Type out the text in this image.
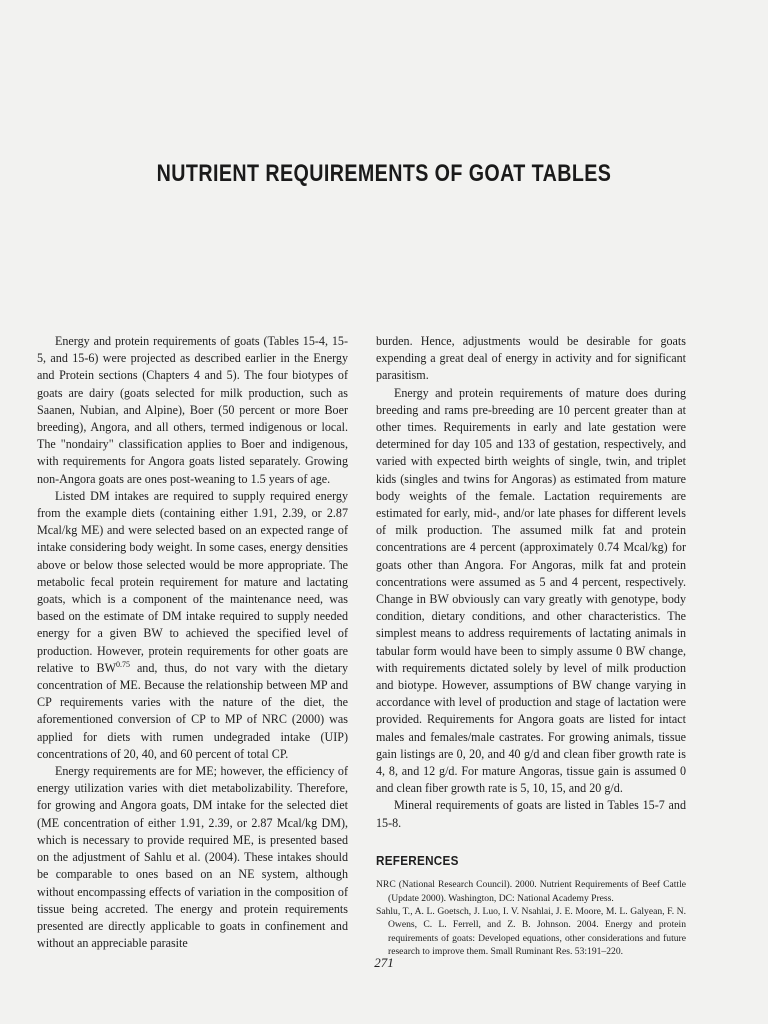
NUTRIENT REQUIREMENTS OF GOAT TABLES

Energy and protein requirements of goats (Tables 15-4, 15-5, and 15-6) were projected as described earlier in the Energy and Protein sections (Chapters 4 and 5). The four biotypes of goats are dairy (goats selected for milk production, such as Saanen, Nubian, and Alpine), Boer (50 percent or more Boer breeding), Angora, and all others, termed indigenous or local. The "nondairy" classification applies to Boer and indigenous, with requirements for Angora goats listed separately. Growing non-Angora goats are ones post-weaning to 1.5 years of age.

Listed DM intakes are required to supply required energy from the example diets (containing either 1.91, 2.39, or 2.87 Mcal/kg ME) and were selected based on an expected range of intake considering body weight. In some cases, energy densities above or below those selected would be more appropriate. The metabolic fecal protein requirement for mature and lactating goats, which is a component of the maintenance need, was based on the estimate of DM intake required to supply needed energy for a given BW to achieved the specified level of production. However, protein requirements for other goats are relative to $BW^{0.75}$ and, thus, do not vary with the dietary concentration of ME. Because the relationship between MP and CP requirements varies with the nature of the diet, the aforementioned conversion of CP to MP of NRC (2000) was applied for diets with rumen undegraded intake (UIP) concentrations of 20, 40, and 60 percent of total CP.

Energy requirements are for ME; however, the efficiency of energy utilization varies with diet metabolizability. Therefore, for growing and Angora goats, DM intake for the selected diet (ME concentration of either 1.91, 2.39, or 2.87 Mcal/kg DM), which is necessary to provide required ME, is presented based on the adjustment of Sahlu et al. (2004). These intakes should be comparable to ones based on an NE system, although without encompassing effects of variation in the composition of tissue being accreted. The energy and protein requirements presented are directly applicable to goats in confinement and without an appreciable parasite

burden. Hence, adjustments would be desirable for goats expending a great deal of energy in activity and for significant parasitism.

Energy and protein requirements of mature does during breeding and rams pre-breeding are 10 percent greater than at other times. Requirements in early and late gestation were determined for day 105 and 133 of gestation, respectively, and varied with expected birth weights of single, twin, and triplet kids (singles and twins for Angoras) as estimated from mature body weights of the female. Lactation requirements are estimated for early, mid-, and/or late phases for different levels of milk production. The assumed milk fat and protein concentrations are 4 percent (approximately 0.74 Mcal/kg) for goats other than Angora. For Angoras, milk fat and protein concentrations were assumed as 5 and 4 percent, respectively. Change in BW obviously can vary greatly with genotype, body condition, dietary conditions, and other characteristics. The simplest means to address requirements of lactating animals in tabular form would have been to simply assume 0 BW change, with requirements dictated solely by level of milk production and biotype. However, assumptions of BW change varying in accordance with level of production and stage of lactation were provided. Requirements for Angora goats are listed for intact males and females/male castrates. For growing animals, tissue gain listings are 0, 20, and 40 g/d and clean fiber growth rate is 4, 8, and 12 g/d. For mature Angoras, tissue gain is assumed 0 and clean fiber growth rate is 5, 10, 15, and 20 g/d.

Mineral requirements of goats are listed in Tables 15-7 and 15-8.

REFERENCES
NRC (National Research Council). 2000. Nutrient Requirements of Beef Cattle (Update 2000). Washington, DC: National Academy Press.
Sahlu, T., A. L. Goetsch, J. Luo, I. V. Nsahlai, J. E. Moore, M. L. Galyean, F. N. Owens, C. L. Ferrell, and Z. B. Johnson. 2004. Energy and protein requirements of goats: Developed equations, other considerations and future research to improve them. Small Ruminant Res. 53:191–220.
271
